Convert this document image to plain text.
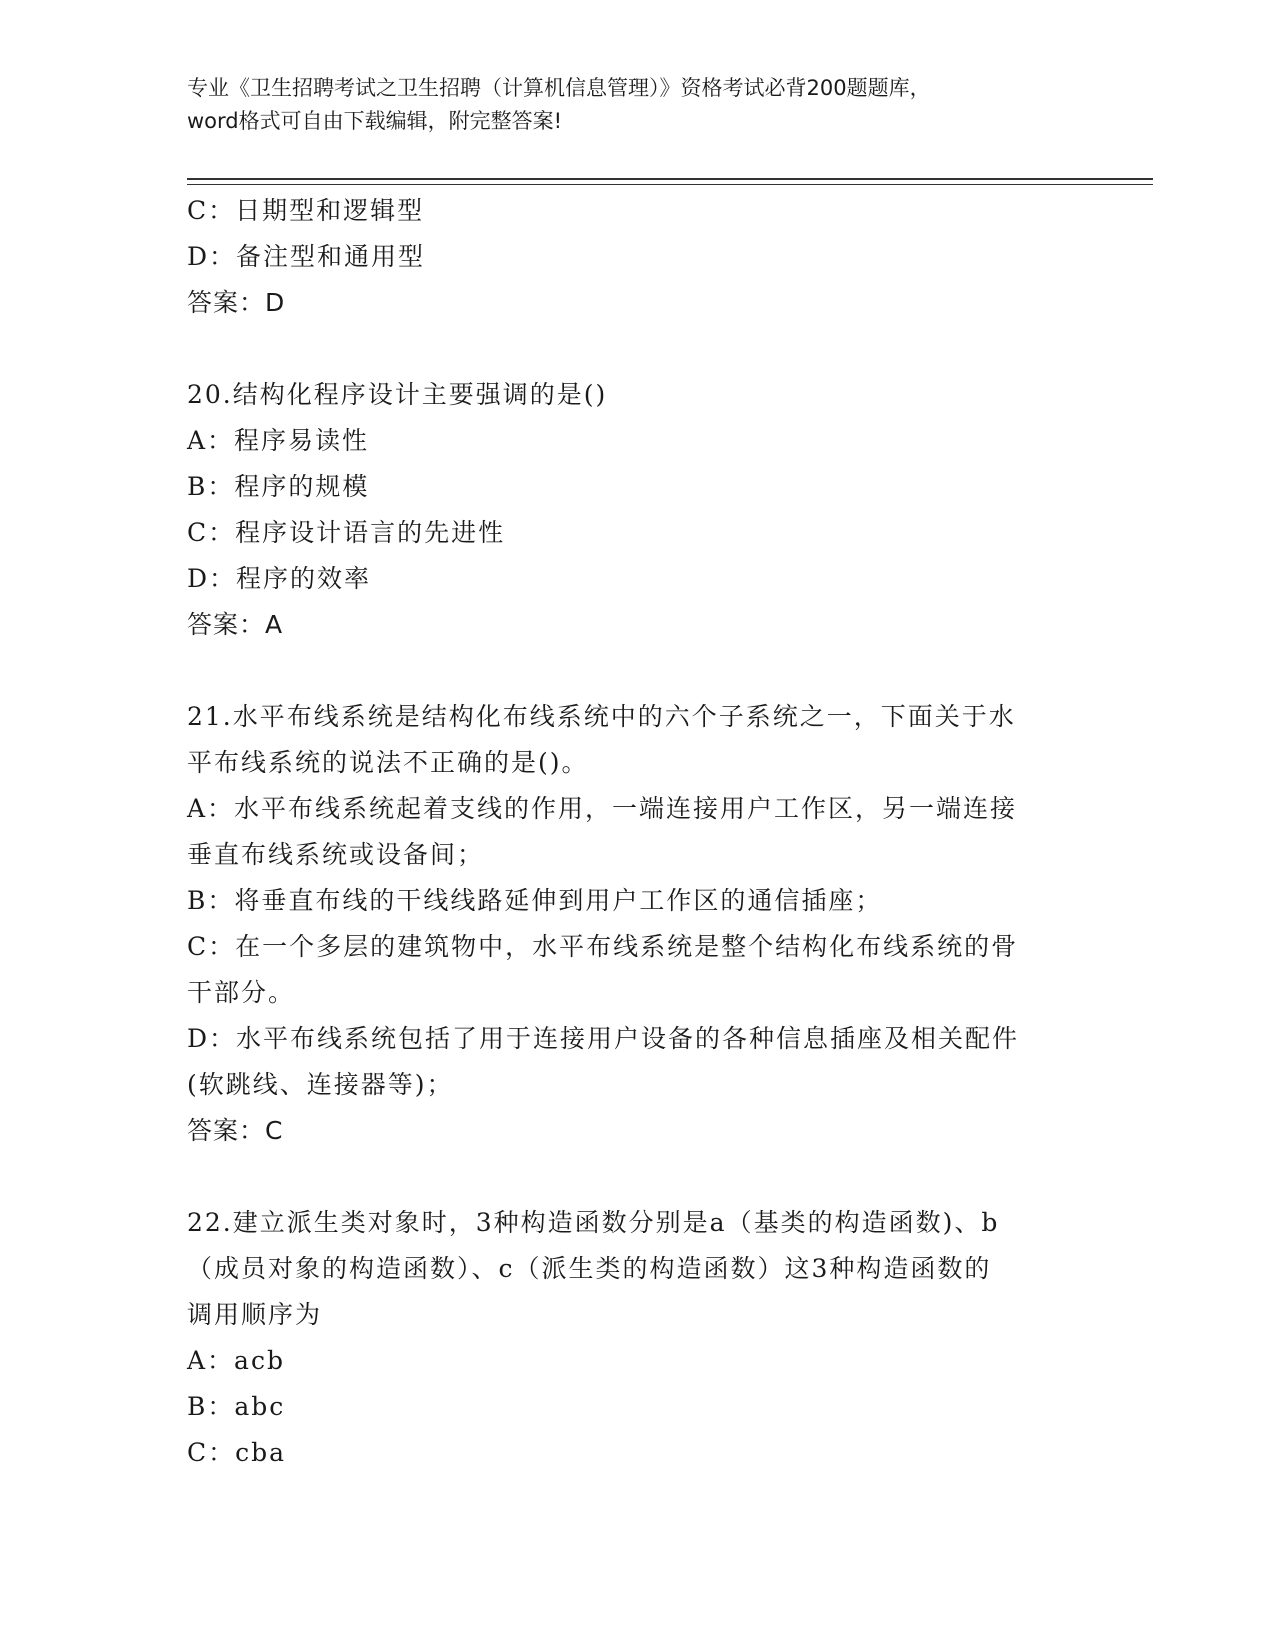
专业《卫生招聘考试之卫生招聘（计算机信息管理）》资格考试必背200题题库，
word格式可自由下载编辑，附完整答案!
C：日期型和逻辑型
D：备注型和通用型
答案：D
20.结构化程序设计主要强调的是()
A：程序易读性
B：程序的规模
C：程序设计语言的先进性
D：程序的效率
答案：A
21.水平布线系统是结构化布线系统中的六个子系统之一，下面关于水
平布线系统的说法不正确的是()。
A：水平布线系统起着支线的作用，一端连接用户工作区，另一端连接
垂直布线系统或设备间；
B：将垂直布线的干线线路延伸到用户工作区的通信插座；
C：在一个多层的建筑物中，水平布线系统是整个结构化布线系统的骨
干部分。
D：水平布线系统包括了用于连接用户设备的各种信息插座及相关配件
(软跳线、连接器等)；
答案：C
22.建立派生类对象时，3种构造函数分别是a（基类的构造函数)、b
（成员对象的构造函数）、c（派生类的构造函数）这3种构造函数的
调用顺序为
A：acb
B：abc
C：cba
